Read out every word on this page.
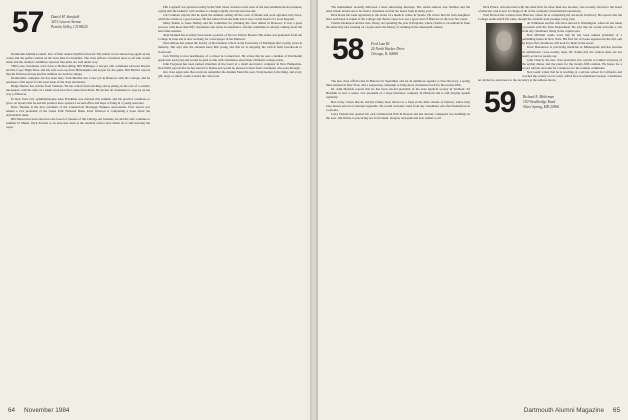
57 Daniel M. Stanfield
343 Crescent Avenue
Portola Valley, CA 94025

Dartmouth Alumni Council. Part of their annual rhythm followed: The tennis crowd showed up again on the courts and the golfers waited on the back nine for breakfast. The class officers circulated news to all who would listen and the reunion committee reported that plans are well under way.

Thirty-one classmates were back at Homecoming. Bill Ballinger, a lawyer, still commutes between Boston and the Cape; Hugh Shaw and his wife were up from Philadelphia and stayed for the game. Bill Bartlett reports that his firm has moved and his children are both in college.

Dartmouth's computer lab has been busy: Tom Buckler has a new job in Hanover with the College, and he promises a full report for the next issue of the class newsletter.

Ridge Durkee has written from Vermont. He has retired from teaching and is taking on the role of a country inn-keeper, with his wife, in a small town near the Connecticut River. He invites all classmates to stop by on the way to Hanover.

In New York City ophthalmologist Alan Friedman was married this summer and his practice continues to grow. Al reports that he and his partners have opened a second office and hope to bring in a young associate.

Dave Thomas is the new president of the Connecticut Mortgage Bankers Association. Fred Jewett was named a vice president of the Glens Falls National Bank. Peter Davison is completing a book about the Adirondack lakes.

Bill Nelson has been elected to the board of trustees of the Chicago Art Institute; he and his wife continue to summer in Maine. Dick Preston is an associate dean at the medical school and claims he is still learning the ropes.

Phil Loginoff was quoted recently in the Wall Street Journal on the state of the telecommunications business, saying that the industry will continue to change rapidly over the next decade.

Carl Lambert reports that he spent the summer sailing off the coast of Maine and went aground only twice, which he counts as a good season. He has retired from the bank and is now on the board of a local hospital.

Many thanks to Gene Dudley and his committee for planning the class dinner in Hanover. It was a great success, with more than fifty classmates and wives in attendance, and the committee is already talking about the next mini-reunion.

Alan Donnell has recently been made a partner of his law firm in Boston. His oldest son graduated from the College in June and is now working for a newspaper in the Midwest.

Jim Gilmour has joined the faculty of the business school at the University of Michigan after twenty years in industry. Jim says that the students keep him young and that he is enjoying the switch from boardroom to classroom.

Jack Stirling is now headmaster of a school in Connecticut. He writes that he sees a number of Dartmouth applicants each year and would be glad to talk with classmates about their children's college plans.

John Ferguson has been named chairman of the board of a small electronics company in New Hampshire. Ken Wells reports that he has moved to Dallas and would be pleased to hear from classmates who pass through.

Our class agent asks that everyone remember the Alumni Fund this year. Participation is the thing, and every gift, large or small, counts toward the class total.

64 November 1984

The midsummer recently delivered a most interesting message. The return address was familiar and the letter inside turned out to be from a classmate we had not heard from in many years.

Dick Rossi has been appointed to the board of a medical center in Seattle. He writes that his twin daughters have both been accepted at the College and that he expects to see a good deal of Hanover in the next few years.

Charlie Dickinson and his wife, Betsy, are spending the year in England, where Charlie is on sabbatical from the university and working on a book about the history of banking in the nineteenth century.

58 Fred Lutz III
20 North Wacker Drive
Chicago, IL 60606

The new class officers met in Hanover in September and set an ambitious agenda: a class directory, a spring mini-reunion in New York, and a stepped-up campaign to bring more classmates back for the twenty-fifth.

Dr. John Mattson reports that he has been elected president of the state medical society in Vermont. Ed Hutchins is now a senior vice president of a large insurance company in Hartford and is still playing squash regularly.

Bob Foley writes that he and his family have moved to a farm in the hills outside of Denver, where they raise horses and an occasional vegetable. He would welcome visits from any classmates who find themselves in Colorado.

Larry Perkins has opened his own architectural firm in Boston and has already completed two buildings in the area. Jim Welles is practicing law in Portland, Oregon, and sends his best wishes to all.

Dick Prince, who has been with the same firm for more than two decades, was recently elected to the board of directors and is now in charge of all of the company's international operations.

Tom Pierson has written from Hanover, where he is completing his doctorate in history. He reports that the College seems much the same, though the students look younger every year.

Al Wilkinson and his wife have moved to Washington, where Al has taken a position with the State Department. He says that he would welcome a call from any classmates living in the capital area.

Bob Mitchell sends word that he has been named president of a publishing house in New York. His first list of books appeared in the fall, and he hopes that classmates will look for them in the stores.

Dave Henderson is practicing medicine in Minneapolis and has become an enthusiastic cross-country skier. He claims that the winters there are not nearly as bad as people say.

John Church, the new class president, has written to remind everyone of the spring dinner and the plans for the twenty-fifth reunion. He hopes for a record turnout and asks for volunteers for the reunion committee.

Ned Gault writes that he is teaching at a private school in California and coaches the varsity soccer team, which had an undefeated season. Classmates are invited to send news to the secretary at the address above.

59 Richard A. Mittleman
150 Woodbridge Road
Silver Spring, MD 20906
Dartmouth Alumni Magazine 65
